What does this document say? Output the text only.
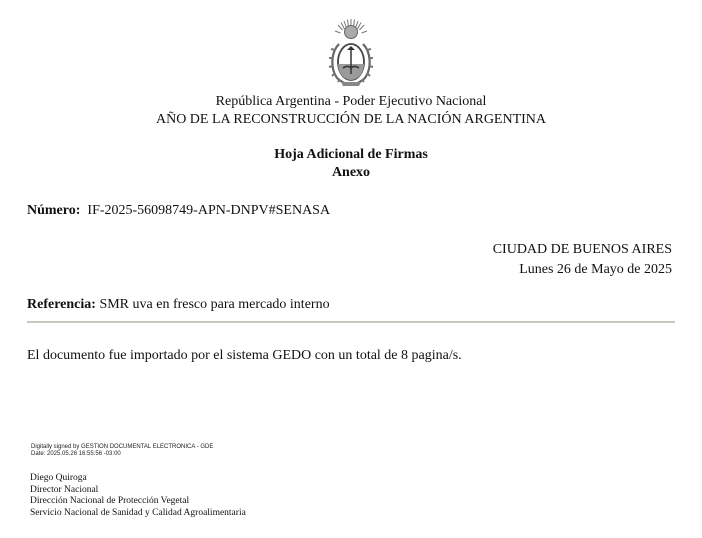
República Argentina - Poder Ejecutivo Nacional
AÑO DE LA RECONSTRUCCIÓN DE LA NACIÓN ARGENTINA
Hoja Adicional de Firmas
Anexo
Número: IF-2025-56098749-APN-DNPV#SENASA
CIUDAD DE BUENOS AIRES
Lunes 26 de Mayo de 2025
Referencia: SMR uva en fresco para mercado interno
El documento fue importado por el sistema GEDO con un total de 8 pagina/s.
Digitally signed by GESTION DOCUMENTAL ELECTRONICA - GDE
Date: 2025.05.26 16:55:56 -03:00
Diego Quiroga
Director Nacional
Dirección Nacional de Protección Vegetal
Servicio Nacional de Sanidad y Calidad Agroalimentaria
